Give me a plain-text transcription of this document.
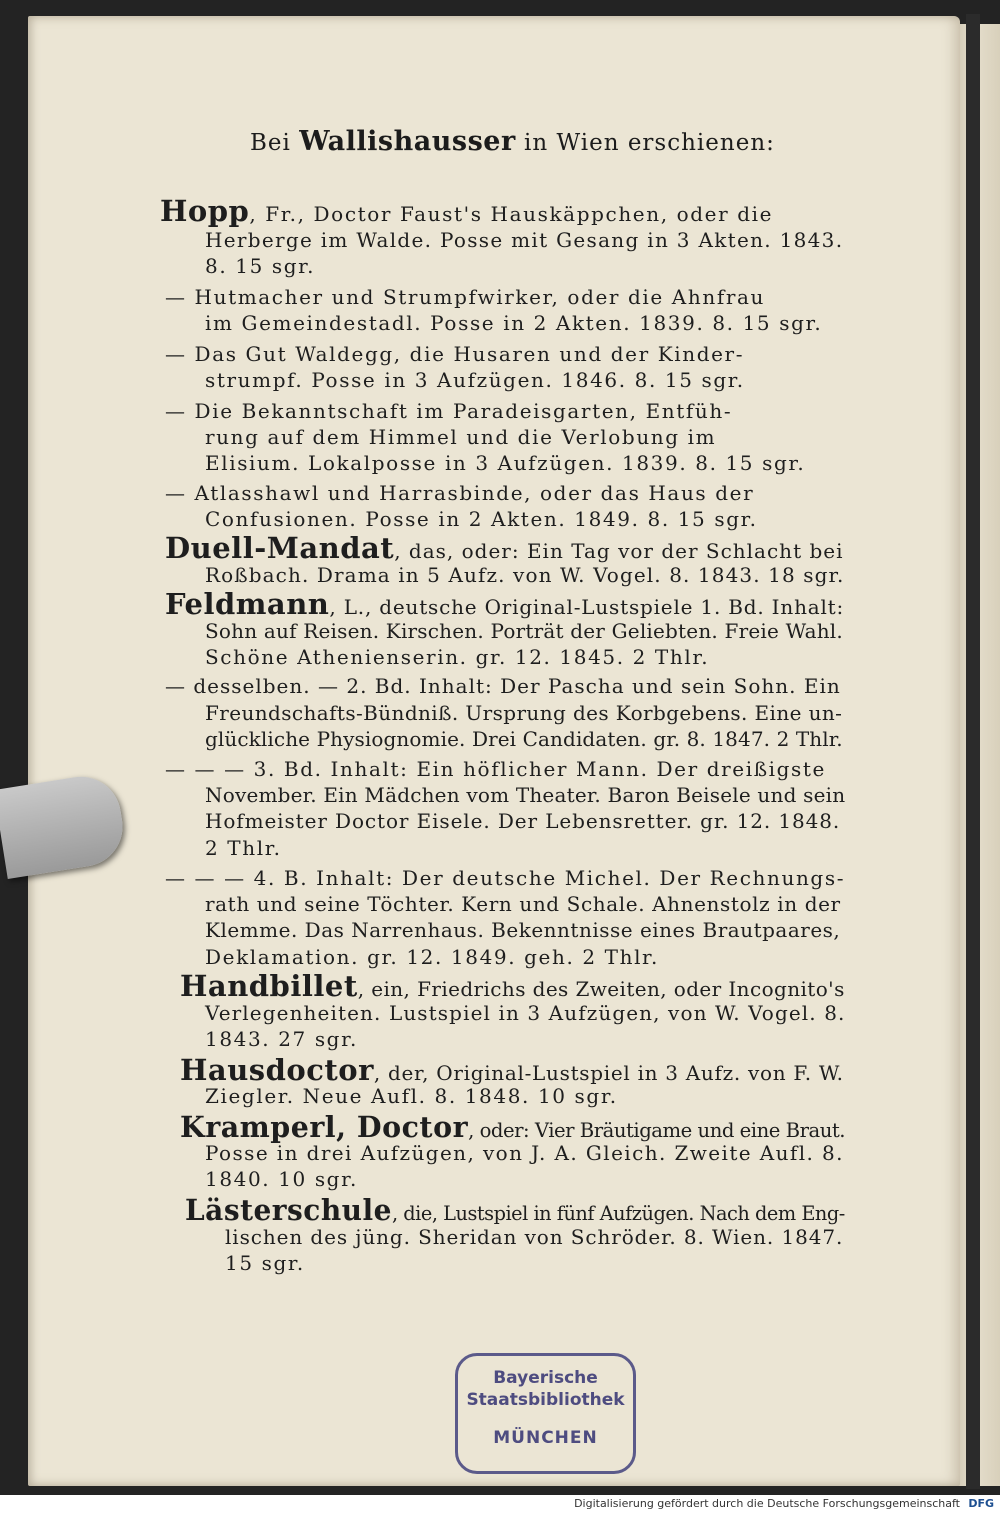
Bei Wallishausser in Wien erschienen:
Hopp, Fr., Doctor Faust's Hauskäppchen, oder die
Herberge im Walde. Posse mit Gesang in 3 Akten. 1843.
8. 15 sgr.
— Hutmacher und Strumpfwirker, oder die Ahnfrau
im Gemeindestadl. Posse in 2 Akten. 1839. 8. 15 sgr.
— Das Gut Waldegg, die Husaren und der Kinder-
strumpf. Posse in 3 Aufzügen. 1846. 8. 15 sgr.
— Die Bekanntschaft im Paradeisgarten, Entfüh-
rung auf dem Himmel und die Verlobung im
Elisium. Lokalposse in 3 Aufzügen. 1839. 8. 15 sgr.
— Atlasshawl und Harrasbinde, oder das Haus der
Confusionen. Posse in 2 Akten. 1849. 8. 15 sgr.
Duell-Mandat, das, oder: Ein Tag vor der Schlacht bei
Roßbach. Drama in 5 Aufz. von W. Vogel. 8. 1843. 18 sgr.
Feldmann, L., deutsche Original-Lustspiele 1. Bd. Inhalt:
Sohn auf Reisen. Kirschen. Porträt der Geliebten. Freie Wahl.
Schöne Athenienserin. gr. 12. 1845. 2 Thlr.
— desselben. — 2. Bd. Inhalt: Der Pascha und sein Sohn. Ein
Freundschafts-Bündniß. Ursprung des Korbgebens. Eine un-
glückliche Physiognomie. Drei Candidaten. gr. 8. 1847. 2 Thlr.
— — — 3. Bd. Inhalt: Ein höflicher Mann. Der dreißigste
November. Ein Mädchen vom Theater. Baron Beisele und sein
Hofmeister Doctor Eisele. Der Lebensretter. gr. 12. 1848.
2 Thlr.
— — — 4. B. Inhalt: Der deutsche Michel. Der Rechnungs-
rath und seine Töchter. Kern und Schale. Ahnenstolz in der
Klemme. Das Narrenhaus. Bekenntnisse eines Brautpaares,
Deklamation. gr. 12. 1849. geh. 2 Thlr.
Handbillet, ein, Friedrichs des Zweiten, oder Incognito's
Verlegenheiten. Lustspiel in 3 Aufzügen, von W. Vogel. 8.
1843. 27 sgr.
Hausdoctor, der, Original-Lustspiel in 3 Aufz. von F. W.
Ziegler. Neue Aufl. 8. 1848. 10 sgr.
Kramperl, Doctor, oder: Vier Bräutigame und eine Braut.
Posse in drei Aufzügen, von J. A. Gleich. Zweite Aufl. 8.
1840. 10 sgr.
Lästerschule, die, Lustspiel in fünf Aufzügen. Nach dem Eng-
lischen des jüng. Sheridan von Schröder. 8. Wien. 1847.
15 sgr.
Bayerische
Staatsbibliothek
MÜNCHEN
Digitalisierung gefördert durch die Deutsche Forschungsgemeinschaft DFG
